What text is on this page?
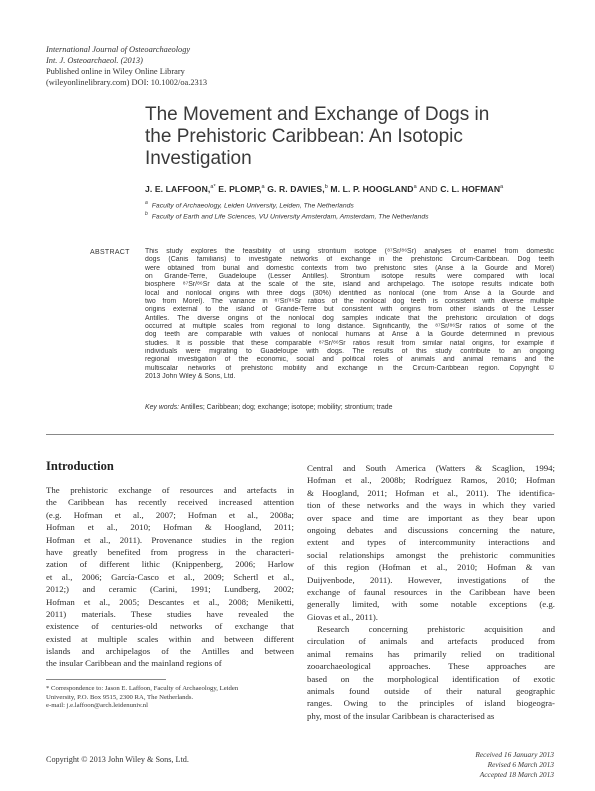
International Journal of Osteoarchaeology
Int. J. Osteoarchaeol. (2013)
Published online in Wiley Online Library
(wileyonlinelibrary.com) DOI: 10.1002/oa.2313
The Movement and Exchange of Dogs in
the Prehistoric Caribbean: An Isotopic
Investigation
J. E. LAFFOON,$^{a*}$ E. PLOMP,$^a$ G. R. DAVIES,$^b$ M. L. P. HOOGLAND$^a$ AND C. L. HOFMAN$^a$
$^a$ Faculty of Archaeology, Leiden University, Leiden, The Netherlands
$^b$ Faculty of Earth and Life Sciences, VU University Amsterdam, Amsterdam, The Netherlands
ABSTRACT This study explores the feasibility of using strontium isotope (⁸⁷Sr/⁸⁶Sr) analyses of enamel from domestic
dogs (Canis familiaris) to investigate networks of exchange in the prehistoric Circum-Caribbean. Dog teeth
were obtained from burial and domestic contexts from two prehistoric sites (Anse à la Gourde and Morel)
on Grande-Terre, Guadeloupe (Lesser Antilles). Strontium isotope results were compared with local
biosphere ⁸⁷Sr/⁸⁶Sr data at the scale of the site, island and archipelago. The isotope results indicate both
local and nonlocal origins with three dogs (30%) identified as nonlocal (one from Anse à la Gourde and
two from Morel). The variance in ⁸⁷Sr/⁸⁶Sr ratios of the nonlocal dog teeth is consistent with diverse multiple
origins external to the island of Grande-Terre but consistent with origins from other islands of the Lesser
Antilles. The diverse origins of the nonlocal dog samples indicate that the prehistoric circulation of dogs
occurred at multiple scales from regional to long distance. Significantly, the ⁸⁷Sr/⁸⁶Sr ratios of some of the
dog teeth are comparable with values of nonlocal humans at Anse à la Gourde determined in previous
studies. It is possible that these comparable ⁸⁷Sr/⁸⁶Sr ratios result from similar natal origins, for example if
individuals were migrating to Guadeloupe with dogs. The results of this study contribute to an ongoing
regional investigation of the economic, social and political roles of animals and animal remains and the
multiscalar networks of prehistoric mobility and exchange in the Circum-Caribbean region. Copyright ©
2013 John Wiley & Sons, Ltd.
Key words: Antilles; Caribbean; dog; exchange; isotope; mobility; strontium; trade
Introduction
The prehistoric exchange of resources and artefacts in
the Caribbean has recently received increased attention
(e.g. Hofman et al., 2007; Hofman et al., 2008a;
Hofman et al., 2010; Hofman & Hoogland, 2011;
Hofman et al., 2011). Provenance studies in the region
have greatly benefited from progress in the characteri-
zation of different lithic (Knippenberg, 2006; Harlow
et al., 2006; García-Casco et al., 2009; Schertl et al.,
2012;) and ceramic (Carini, 1991; Lundberg, 2002;
Hofman et al., 2005; Descantes et al., 2008; Meniketti,
2011) materials. These studies have revealed the
existence of centuries-old networks of exchange that
existed at multiple scales within and between different
islands and archipelagos of the Antilles and between
the insular Caribbean and the mainland regions of
Central and South America (Watters & Scaglion, 1994;
Hofman et al., 2008b; Rodríguez Ramos, 2010; Hofman
& Hoogland, 2011; Hofman et al., 2011). The identifica-
tion of these networks and the ways in which they varied
over space and time are important as they bear upon
ongoing debates and discussions concerning the nature,
extent and types of intercommunity interactions and
social relationships amongst the prehistoric communities
of this region (Hofman et al., 2010; Hofman & van
Duijvenbode, 2011). However, investigations of the
exchange of faunal resources in the Caribbean have been
generally limited, with some notable exceptions (e.g.
Giovas et al., 2011).
Research concerning prehistoric acquisition and
circulation of animals and artefacts produced from
animal remains has primarily relied on traditional
zooarchaeological approaches. These approaches are
based on the morphological identification of exotic
animals found outside of their natural geographic
ranges. Owing to the principles of island biogeogra-
phy, most of the insular Caribbean is characterised as
* Correspondence to: Jason E. Laffoon, Faculty of Archaeology, Leiden
University, P.O. Box 9515, 2300 RA, The Netherlands.
e-mail: j.e.laffoon@arch.leidenuniv.nl
Copyright © 2013 John Wiley & Sons, Ltd.
Received 16 January 2013
Revised 6 March 2013
Accepted 18 March 2013
